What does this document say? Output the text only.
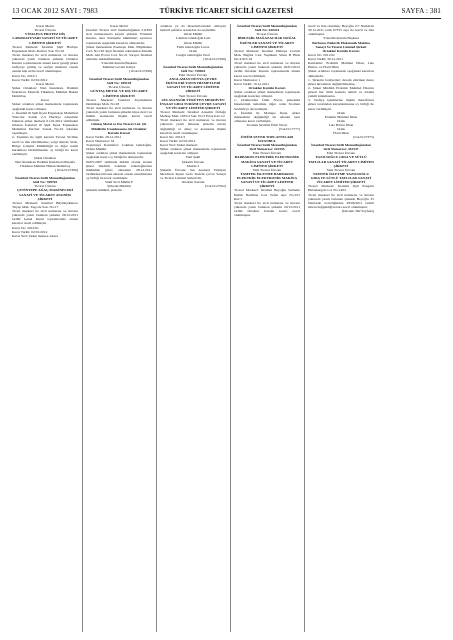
13 OCAK 2012 SAYI : 7983	TÜRKİYE TİCARET SİCİLİ GAZETESİ	SAYFA : 381

Karar Metni

Ticaret Ünvanı

VİTALEUS PROTEZ DİŞ LABORATUVARI SANAYİ VE TİCARET LİMİTED ŞİRKETİ

Ticaret Merkezi: İstanbul Şişli Harbiye Ergenekon Mah. Perriter Sok. No:16

Ticari merkezi ile sicil numarası ve ünvanı yukarıda yazılı bulunan şirketin Ortaklar Kurulu toplantısında alınan karar gereği şirket tasfiyeye girmiş ve tasfiye memuru olarak atanan kişi sicile tescil olunmuştur.

Karar No: 2012/1

Karar Tarihi: 02/01/2012

Karar Metni

Şirket Ortakları: Nuri İnandıran, İbrahim İnandıran, Mustafa Türkmen, Mehmet Hakan Demirbaş

Karar

Şirket ortakları şirket merkezinde toplanarak aşağıdaki kararı almıştır.

1- İstanbul ili Şişli İlçesi Ergenekon Mahallesi Yazıcılar Sokak 2-4 Harbiye adresinde bulunan şirket merkezi 01.01.2012 tarihinden itibaren İstanbul ili Şişli İlçesi Ergenekon Mahallesi Perriter Sokak No:16 adresine taşınmıştır.

2- Taşınma ile ilgili kararın Ticaret Siciline tescil ve ilan ettirilmesine, vergi dairesi, SGK, Bölge Çalışma Müdürlüğü ve diğer resmi kurumlara bildirilmesine oy birliği ile karar verilmiştir.

Şirket Ortakları

Nuri İnandıran İbrahim İnandıran Mustafa Türkmen Mehmet Hakan Demirbaş

(10/A/O:27309)

İstanbul Ticaret Sicili Memurluğundan

Sicil No: 768765

Ticaret Ünvanı

ÇETİNTEPE AĞAÇ MAKİNELERİ SANAYİ VE TİCARET ANONİM ŞİRKETİ

Ticaret Merkezi: İstanbul Büyükçekmece Tüyap Mah. Taşyolu Sok. No:17

Ticari merkezi ile sicil numarası ve ünvanı yukarıda yazılı bulunan şirketin 26/12/2011 tarihli Genel Kurul toplantısında alınan kararlar tescil edilmiştir.

Karar No: 2012/01

Karar Tarihi: 02/01/2012

Karar Yeri: Şirket merkez adresi

Karar Metni

İstanbul Ticaret sicil memurluğunun 511850 sicil numarasında kayıtlı şirketin Yönetim Kurulu, Ana Sözleşme hükümleri uyarınca toplanarak aşağıdaki kararları almışlardır.

Şirket merkezinin Esentepe Mah. Büyükdere Cad. No:165 Şişli İstanbul adresinden Maslak Mah. Ahi Evran Cad. No:21 Sarıyer İstanbul adresine nakledilmesine,

Yönetim Kurulu Başkanı

Mehmet Levent Kahya

(10/A/O:27299)

İstanbul Ticaret Sicili Memurluğundan

Sicil No: 189128

Ticaret Ünvanı

GÜNTAŞ METAL VE DIŞ TİCARET LİMİTED ŞİRKETİ

Ticaret Merkezi: İstanbul Zeytinburnu Demirkapı Mah. No:18

Ticari merkezi ile sicil numarası ve ünvanı yukarıda yazılı bulunan şirketin hisse devri ve müdür atamasına ilişkin kararı tescil edilmiştir.

Güntaş Metal ve Dış Ticaret Ltd. Şti.

Müdürün Uzatılmasına Ait Ortaklar Kurulu Kararı

Karar Tarihi: 28.12.2011

Karar Numarası: 34

Toplantıya Katılanlar: Lokman Gündoğdu, Orhan Müdürr

Şirket ortakları şirket merkezinde toplanarak aşağıdaki kararı oy birliği ile almışlardır.

04/05/2007 tarihinde müdür olarak atanan şirket müdürü Lokman Gündoğdu'nun müdürlük görev süresinin 28.12.2011 tarihinden itibaren süresiz olarak uzatılmasına oy birliği ile karar verilmiştir.

Vekil Sicil Müdür F

Şirketin Müdürü

Şirketin müdürü, şirketin

ortakları ya da hissedarlarından olmayan üçüncü şahıslar arasından da seçilebilir.

Ortak Müdür

Lokman Gündoğdu Luis

Ortak Müdür

Fatih Gündoğdu Lucas

Ortak

Cengiz Gündoğdu Terzi

(10/A/O:27299)

İstanbul Ticaret Sicili Memurluğundan

Sicil No: 728694

Eski Ticaret Ünvanı

ANGLAMAN DÜNYA ÇEVRE ÜRÜNLERİ YAYIN HİZMETLERİ SANAYİ VE TİCARET LİMİTED ŞİRKETİ

Yeni Ticaret Ünvanı

SES ASANSÖR YÜRÜYEN MERDİVEN İNŞAAT GIDA TURİZM ÇEVRE SANAYİ VE TİCARET LİMİTED ŞİRKETİ

Ticaret Merkezi: İstanbul Ataşehir Ördeğe Mehtap Mah. 1035/4 Sok. No:3 Ertaş Kat:1/2

Ticari merkezi ile sicil numarası ve ünvanı yukarıda yazılı bulunan şirketin unvan değişikliği ve amaç ve konusuna ilişkin kararları tescil olunmuştur.

Karar No: 2012/3

Karar Tarihi: 02/01/2012

Karar Yeri: Şirket merkezi

Şirket ortakları şirket merkezinde toplanarak aşağıdaki kararları almıştır.

Yeni Şekil

Şirketin Ünvanı

Madde 2

Şirketin Ünvanı: Ses Asansör Yürüyen Merdiven İnşaat Gıda Turizm Çevre Sanayi ve Ticaret Limited Şirketi'dir.

Ortaklar Kurulu

(5/A/O:27502)

İstanbul Ticaret Sicili Memurluğundan

Sicil No: 630424

Ticaret Ünvanı

BİRLEŞİK MAĞAZACILIK DOĞAL ÜRÜNLER SANAYİ VE TİCARET LİMİTED ŞİRKETİ

Ticaret Merkezi: İstanbul Maltepe Cevizli Mah. Bağdat Cad. Yeşilkent Sitesi B Blok No:410/3-19

Ticari merkezi ile sicil numarası ve ünvanı yukarıda yazılı bulunan şirketin 02/01/2012 tarihli Ortaklar Kurulu toplantısında alınan kararı tescil edilmiştir.

Karar Numarası: 1

Karar Tarihi: 16.12.2011

Ortaklar Kurulu Kararı

Şirket ortakları şirket merkezinde toplanarak aşağıdaki kararları almıştır.

1- Ortaklardan Ümit Nacar, şirketteki hisselerinin tamamını diğer ortak Teoman Sevimli'ye devretmiştir.

2- İstanbul ili, Maltepe İlçesi, şirket merkezinin değişikliği ile adresin aynı olmasına karar verilmiştir.

Teoman Sevimli Ümit Nacar

(5/A/O:17777)

ÜMÜM SEVER TOPLANTILARI

İSTANBUL

İstanbul Ticaret Sicili Memurluğundan

Sicil Numarası: 222555

Eski Ticaret Ünvanı

BARBAROS ELEKTRİK ELEKTRONİK MAKİNA SANAYİ VE TİCARET LİMİTED ŞİRKETİ

Yeni Ticaret Ünvanı

TAMTEK İSLETME BARBAROS ELEKTRİK ELEKTRONİK MAKİNA SANAYİ VE TİCARET LİMİTED ŞİRKETİ

Ticaret Merkezi: İstanbul Beyoğlu Sutlamu Kullik Neslihan Cad. Vefen Apt. No:101 Kat:1

Ticari merkezi ile sicil numarası ve ünvanı yukarıda yazılı bulunan şirketin 20/12/2011 tarihli Ortaklar Kurulu kararı tescil olunmuştur.

tescil ve ilan olunmuş. Beyoğlu 2/7 Numaralı 30.12.2011 tarih 67355 sayı ile tescil ve ilan olunmuştur.

Yönetim Kurulu Başkanı

Barbaros Elektrik Elektronik Makina Sanayi Ve Ticaret Limited Şirketi

Ortaklar Kurulu Kararı

Karar No: 2011/02

Karar Tarihi: 30.12.2011

Katılanlar: Erdemir Mehmet İlhan, Lale Hatice, ve Hotil İlhan

Şirket ortakları toplanarak aşağıdaki kararları almışlardır.

1- Şirketin faaliyetleri devam ettirmek üzere şirket ünvanının değiştirilmesine,

2- Şirket Müdürü Erdemir Mehmet İlhan'ın şirketi her türlü konuda temsil ve ilzama yetkili kılınmasına,

3- Tasfiye işlemlerine ilişkin masrafların şirket tarafından karşılanmasına oy birliği ile karar verilmiştir.

Ortak

Erdemir Mehmet İlhan

Ortak

Lale Hatice İlhan

Ortak

Hotil Ilhan

(5/A/O:27375)

İstanbul Ticaret Sicili Memurluğundan

Sicil Numarası: 452547

Eski Ticaret Ünvanı

YAZICIOĞLU GIDA VE SÜTLÜ TATLILAR SANAYİ TİCARET LİMİTED ŞİRKETİ

Yeni Ticaret Ünvanı

TAMTEK İSLETME YAZICIOĞLU GIDA VE SÜTLÜ TATLILAR SANAYİ TİCARET LİMİTED ŞİRKETİ

Ticaret Merkezi: İstanbul Şişli Pangaltı Halaskargazi Cd. No:146/1

Ticari merkezi ile sicil numarası ve ünvanı yukarıda yazılı bulunan şirketin Beyoğlu 25 Numaralı noterliğinden 28/06/2011 tarihli ünvan değişikliği kararı tescil olunmuştur.

(Devamı 382 Sayfada)
